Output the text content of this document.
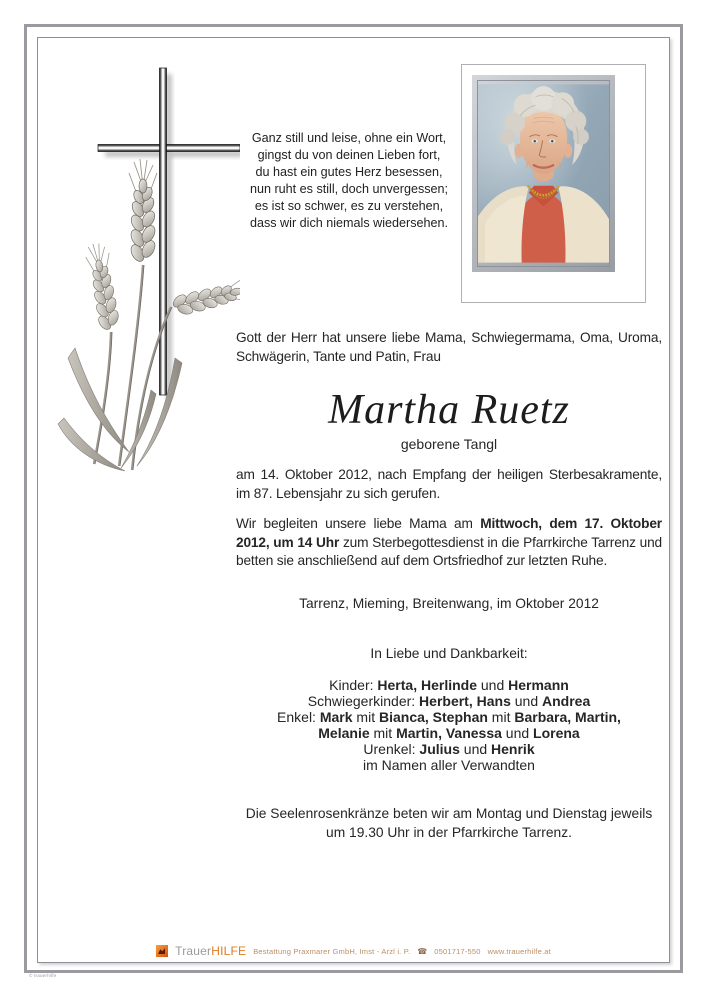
Ganz still und leise, ohne ein Wort,
gingst du von deinen Lieben fort,
du hast ein gutes Herz besessen,
nun ruht es still, doch unvergessen;
es ist so schwer, es zu verstehen,
dass wir dich niemals wiedersehen.
Gott der Herr hat unsere liebe Mama, Schwiegermama, Oma, Uroma, Schwägerin, Tante und Patin, Frau
Martha Ruetz
geborene Tangl
am 14. Oktober 2012, nach Empfang der heiligen Sterbesakramente, im 87. Lebensjahr zu sich gerufen.
Wir begleiten unsere liebe Mama am Mittwoch, dem 17. Oktober 2012, um 14 Uhr zum Sterbegottesdienst in die Pfarrkirche Tarrenz und betten sie anschließend auf dem Ortsfriedhof zur letzten Ruhe.
Tarrenz, Mieming, Breitenwang, im Oktober 2012
In Liebe und Dankbarkeit:
Kinder: Herta, Herlinde und Hermann
Schwiegerkinder: Herbert, Hans und Andrea
Enkel: Mark mit Bianca, Stephan mit Barbara, Martin,
Melanie mit Martin, Vanessa und Lorena
Urenkel: Julius und Henrik
im Namen aller Verwandten
Die Seelenrosenkränze beten wir am Montag und Dienstag jeweils
um 19.30 Uhr in der Pfarrkirche Tarrenz.
TrauerHILFE Bestattung Praxmarer GmbH, Imst - Arzl i. P. ☎ 0501717-550 www.trauerhilfe.at
© trauerhilfe
